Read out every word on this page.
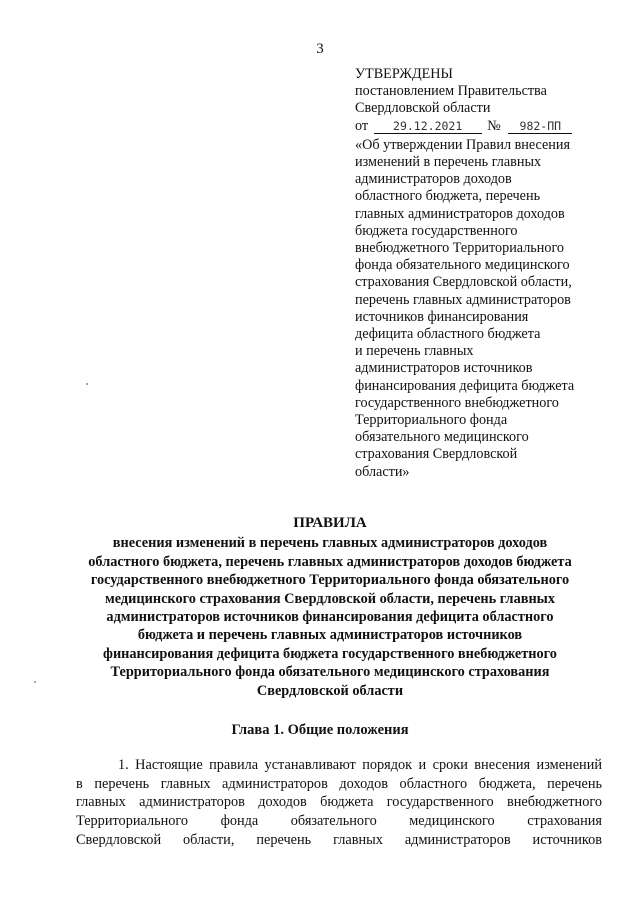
3
УТВЕРЖДЕНЫ
постановлением Правительства
Свердловской области
от 29.12.2021 № 982-ПП
«Об утверждении Правил внесения
изменений в перечень главных
администраторов доходов
областного бюджета, перечень
главных администраторов доходов
бюджета государственного
внебюджетного Территориального
фонда обязательного медицинского
страхования Свердловской области,
перечень главных администраторов
источников финансирования
дефицита областного бюджета
и перечень главных
администраторов источников
финансирования дефицита бюджета
государственного внебюджетного
Территориального фонда
обязательного медицинского
страхования Свердловской
области»
ПРАВИЛА
внесения изменений в перечень главных администраторов доходов
областного бюджета, перечень главных администраторов доходов бюджета
государственного внебюджетного Территориального фонда обязательного
медицинского страхования Свердловской области, перечень главных
администраторов источников финансирования дефицита областного
бюджета и перечень главных администраторов источников
финансирования дефицита бюджета государственного внебюджетного
Территориального фонда обязательного медицинского страхования
Свердловской области
Глава 1. Общие положения
1. Настоящие правила устанавливают порядок и сроки внесения изменений
в перечень главных администраторов доходов областного бюджета, перечень
главных администраторов доходов бюджета государственного внебюджетного
Территориального фонда обязательного медицинского страхования
Свердловской области, перечень главных администраторов источников
